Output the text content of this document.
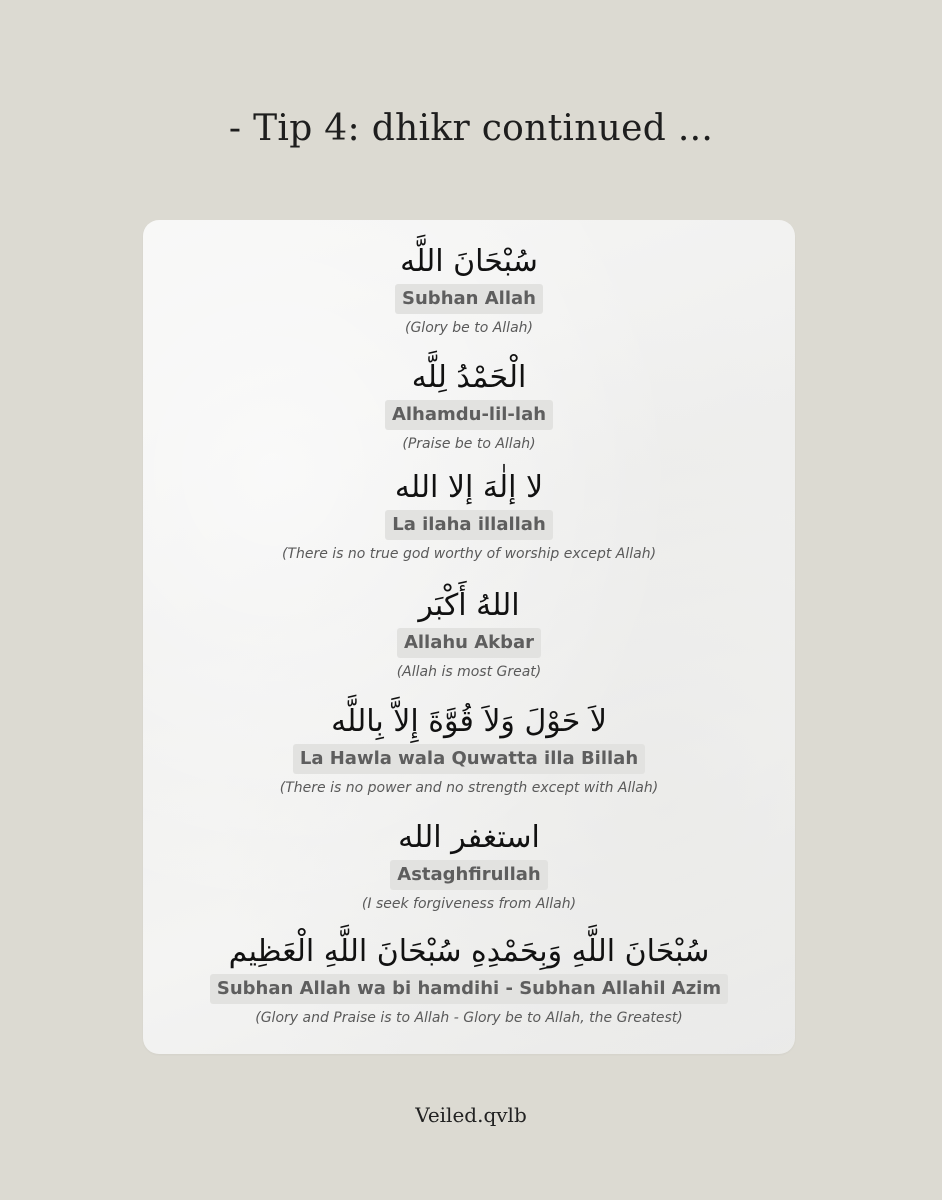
- Tip 4: dhikr continued ...
سُبْحَانَ اللَّه
Subhan Allah
(Glory be to Allah)
الْحَمْدُ لِلَّه
Alhamdu-lil-lah
(Praise be to Allah)
لا إلٰهَ إلا الله
La ilaha illallah
(There is no true god worthy of worship except Allah)
اللهُ أَكْبَر
Allahu Akbar
(Allah is most Great)
لاَ حَوْلَ وَلاَ قُوَّةَ إِلاَّ بِاللَّه
La Hawla wala Quwatta illa Billah
(There is no power and no strength except with Allah)
استغفر الله
Astaghfirullah
(I seek forgiveness from Allah)
سُبْحَانَ اللَّهِ وَبِحَمْدِهِ سُبْحَانَ اللَّهِ الْعَظِيم
Subhan Allah wa bi hamdihi - Subhan Allahil Azim
(Glory and Praise is to Allah - Glory be to Allah, the Greatest)
Veiled.qvlb
